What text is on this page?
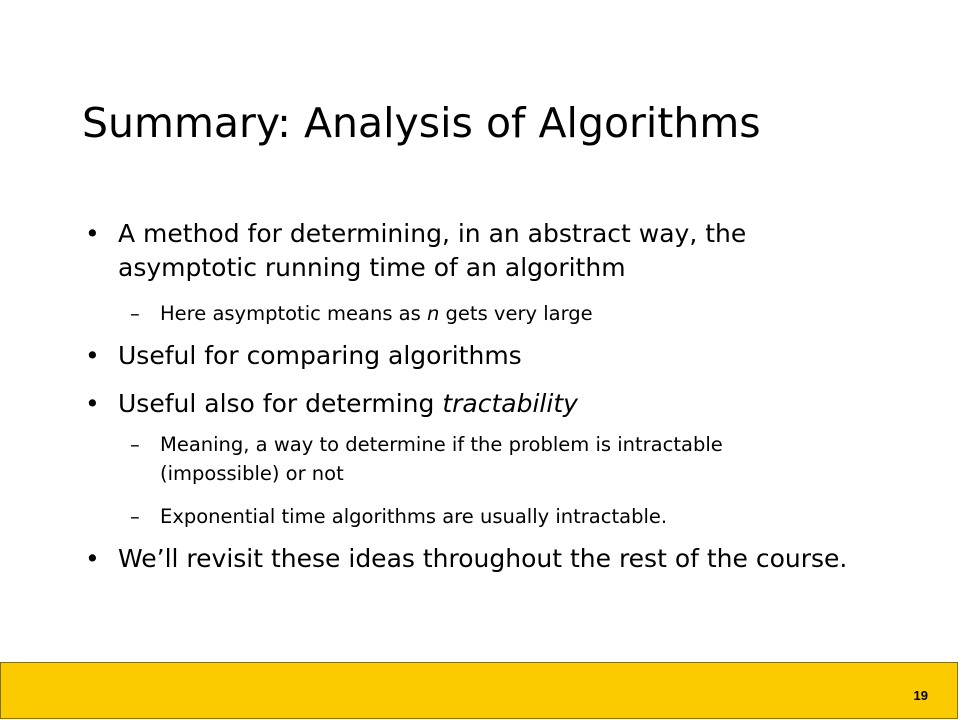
Summary: Analysis of Algorithms
• A method for determining, in an abstract way, the asymptotic running time of an algorithm
– Here asymptotic means as n gets very large
• Useful for comparing algorithms
• Useful also for determing tractability
– Meaning, a way to determine if the problem is intractable (impossible) or not
– Exponential time algorithms are usually intractable.
• We’ll revisit these ideas throughout the rest of the course.
19
